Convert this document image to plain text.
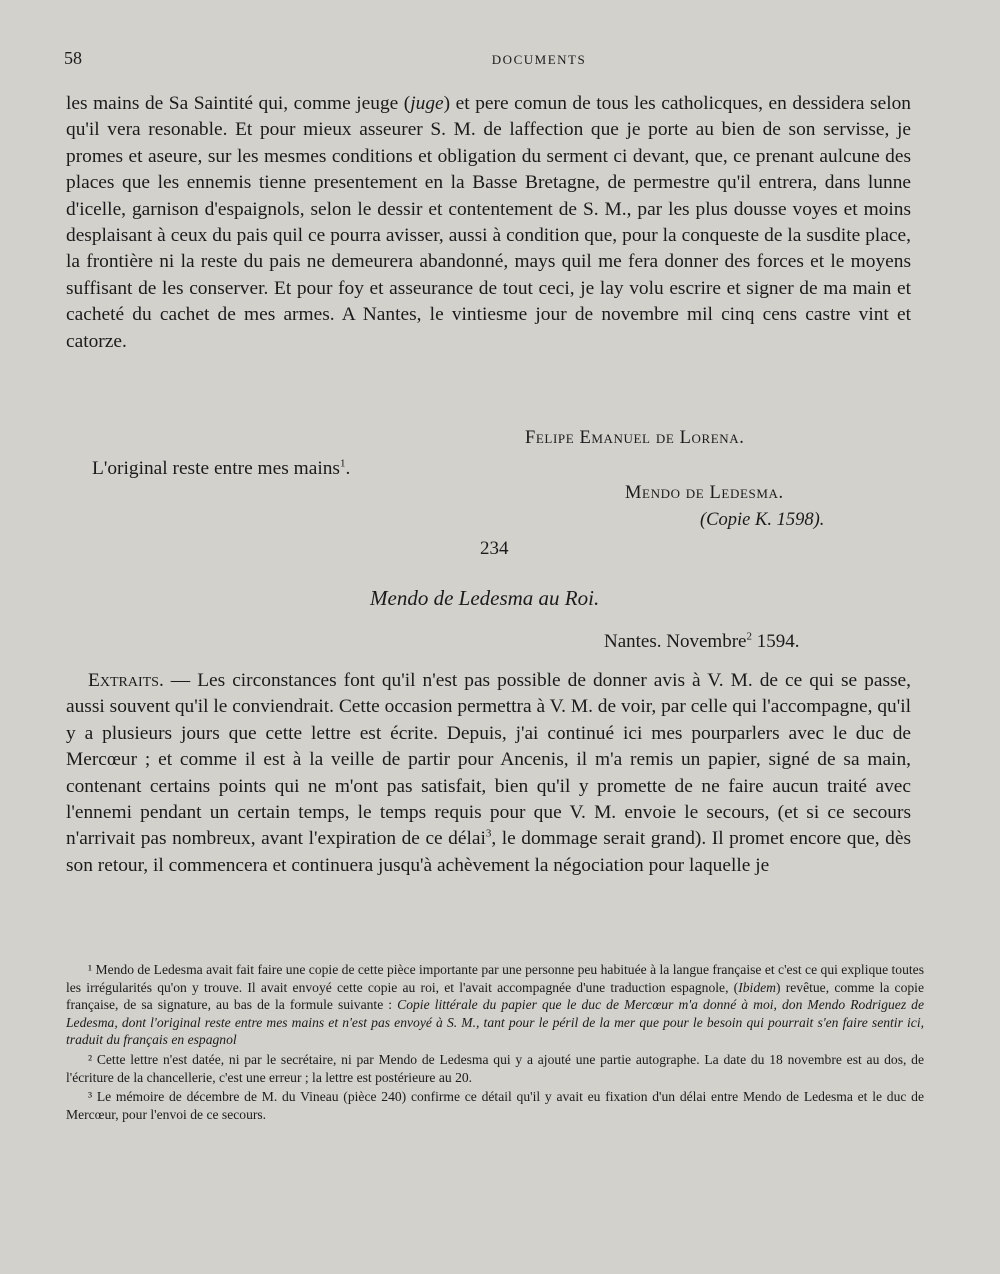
58	DOCUMENTS

les mains de Sa Saintité qui, comme jeuge (juge) et pere comun de tous les catholicques, en dessidera selon qu'il vera resonable. Et pour mieux asseurer S. M. de laffection que je porte au bien de son servisse, je promes et aseure, sur les mesmes conditions et obligation du serment ci devant, que, ce prenant aulcune des places que les ennemis tienne presentement en la Basse Bretagne, de permestre qu'il entrera, dans lunne d'icelle, garnison d'espaignols, selon le dessir et contentement de S. M., par les plus dousse voyes et moins desplaisant à ceux du pais quil ce pourra avisser, aussi à condition que, pour la conqueste de la susdite place, la frontière ni la reste du pais ne demeurera abandonné, mays quil me fera donner des forces et le moyens suffisant de les conserver. Et pour foy et asseurance de tout ceci, je lay volu escrire et signer de ma main et cacheté du cachet de mes armes. A Nantes, le vintiesme jour de novembre mil cinq cens castre vint et catorze.

Felipe Emanuel de Lorena.
L'original reste entre mes mains$^1$.
Mendo de Ledesma.
(Copie K. 1598).
234
Mendo de Ledesma au Roi.
Nantes. Novembre$^2$ 1594.

Extraits. — Les circonstances font qu'il n'est pas possible de donner avis à V. M. de ce qui se passe, aussi souvent qu'il le conviendrait. Cette occasion permettra à V. M. de voir, par celle qui l'accompagne, qu'il y a plusieurs jours que cette lettre est écrite. Depuis, j'ai continué ici mes pourparlers avec le duc de Mercœur ; et comme il est à la veille de partir pour Ancenis, il m'a remis un papier, signé de sa main, contenant certains points qui ne m'ont pas satisfait, bien qu'il y promette de ne faire aucun traité avec l'ennemi pendant un certain temps, le temps requis pour que V. M. envoie le secours, (et si ce secours n'arrivait pas nombreux, avant l'expiration de ce délai$^3$, le dommage serait grand). Il promet encore que, dès son retour, il commencera et continuera jusqu'à achèvement la négociation pour laquelle je

¹ Mendo de Ledesma avait fait faire une copie de cette pièce importante par une personne peu habituée à la langue française et c'est ce qui explique toutes les irrégularités qu'on y trouve. Il avait envoyé cette copie au roi, et l'avait accompagnée d'une traduction espagnole, (Ibidem) revêtue, comme la copie française, de sa signature, au bas de la formule suivante : Copie littérale du papier que le duc de Mercœur m'a donné à moi, don Mendo Rodriguez de Ledesma, dont l'original reste entre mes mains et n'est pas envoyé à S. M., tant pour le péril de la mer que pour le besoin qui pourrait s'en faire sentir ici, traduit du français en espagnol

² Cette lettre n'est datée, ni par le secrétaire, ni par Mendo de Ledesma qui y a ajouté une partie autographe. La date du 18 novembre est au dos, de l'écriture de la chancellerie, c'est une erreur ; la lettre est postérieure au 20.

³ Le mémoire de décembre de M. du Vineau (pièce 240) confirme ce détail qu'il y avait eu fixation d'un délai entre Mendo de Ledesma et le duc de Mercœur, pour l'envoi de ce secours.
